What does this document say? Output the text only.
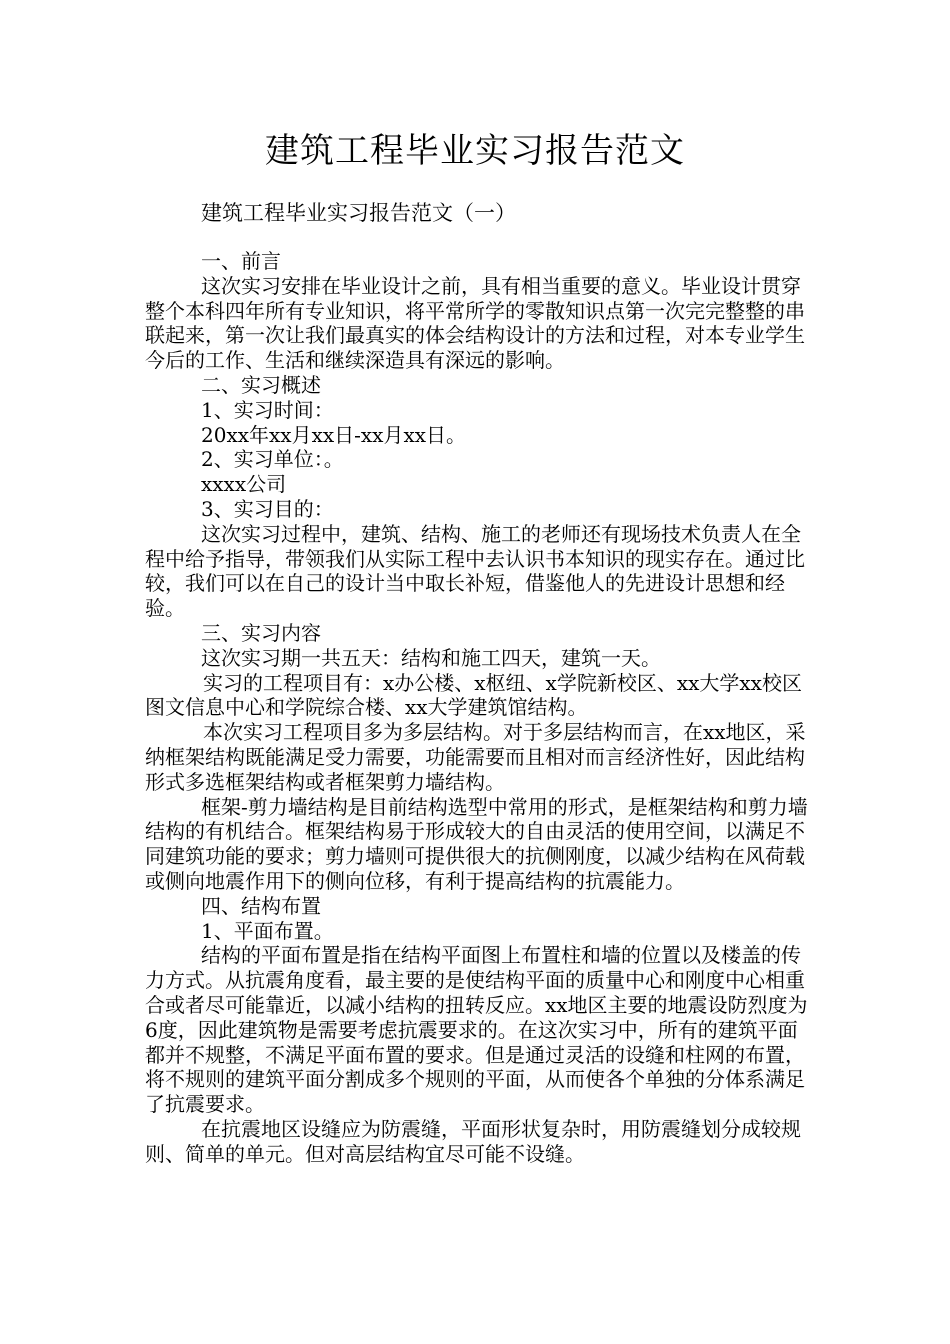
建筑工程毕业实习报告范文
建筑工程毕业实习报告范文（一）

一、前言

这次实习安排在毕业设计之前，具有相当重要的意义。毕业设计贯穿整个本科四年所有专业知识，将平常所学的零散知识点第一次完完整整的串联起来，第一次让我们最真实的体会结构设计的方法和过程，对本专业学生今后的工作、生活和继续深造具有深远的影响。

二、实习概述

1、实习时间：

20xx年xx月xx日-xx月xx日。

2、实习单位：。

xxxx公司

3、实习目的：

这次实习过程中，建筑、结构、施工的老师还有现场技术负责人在全程中给予指导，带领我们从实际工程中去认识书本知识的现实存在。通过比较，我们可以在自己的设计当中取长补短，借鉴他人的先进设计思想和经验。

三、实习内容

这次实习期一共五天：结构和施工四天，建筑一天。

实习的工程项目有：x办公楼、x枢纽、x学院新校区、xx大学xx校区图文信息中心和学院综合楼、xx大学建筑馆结构。

本次实习工程项目多为多层结构。对于多层结构而言，在xx地区，采纳框架结构既能满足受力需要，功能需要而且相对而言经济性好，因此结构形式多选框架结构或者框架剪力墙结构。

框架-剪力墙结构是目前结构选型中常用的形式，是框架结构和剪力墙结构的有机结合。框架结构易于形成较大的自由灵活的使用空间，以满足不同建筑功能的要求；剪力墙则可提供很大的抗侧刚度，以减少结构在风荷载或侧向地震作用下的侧向位移，有利于提高结构的抗震能力。

四、结构布置

1、平面布置。

结构的平面布置是指在结构平面图上布置柱和墙的位置以及楼盖的传力方式。从抗震角度看，最主要的是使结构平面的质量中心和刚度中心相重合或者尽可能靠近，以减小结构的扭转反应。xx地区主要的地震设防烈度为6度，因此建筑物是需要考虑抗震要求的。在这次实习中，所有的建筑平面都并不规整，不满足平面布置的要求。但是通过灵活的设缝和柱网的布置，将不规则的建筑平面分割成多个规则的平面，从而使各个单独的分体系满足了抗震要求。

在抗震地区设缝应为防震缝，平面形状复杂时，用防震缝划分成较规则、简单的单元。但对高层结构宜尽可能不设缝。
